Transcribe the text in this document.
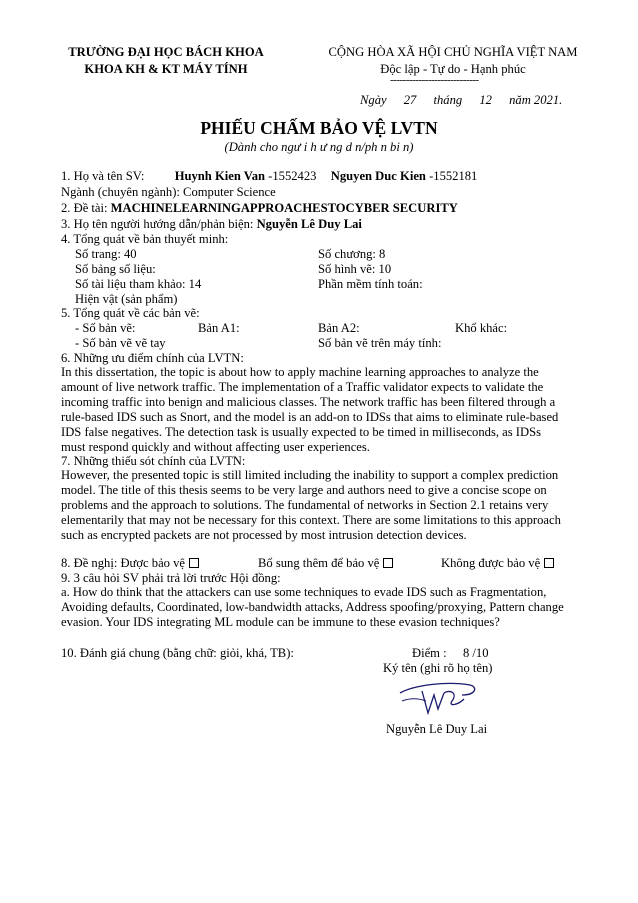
TRƯỜNG ĐẠI HỌC BÁCH KHOA
KHOA KH & KT MÁY TÍNH
CỘNG HÒA XÃ HỘI CHỦ NGHĨA VIỆT NAM
Độc lập - Tự do - Hạnh phúc
----------------------------
Ngày 27 tháng 12 năm 2021.
PHIẾU CHẤM BẢO VỆ LVTN
(Dành cho ngư i h ư ng d n/ph n bi n)
1. Họ và tên SV: Huynh Kien Van -1552423 Nguyen Duc Kien -1552181
Ngành (chuyên ngành): Computer Science
2. Đề tài: MACHINELEARNINGAPPROACHESTOCYBER SECURITY
3. Họ tên người hướng dẫn/phản biện: Nguyễn Lê Duy Lai
4. Tổng quát về bản thuyết minh:
Số trang: 40	Số chương: 8
Số bảng số liệu:	Số hình vẽ: 10
Số tài liệu tham khảo: 14	Phần mềm tính toán:
Hiện vật (sản phẩm)
5. Tổng quát về các bản vẽ:
- Số bản vẽ:	Bản A1:	Bản A2:	Khổ khác:
- Số bản vẽ vẽ tay	Số bản vẽ trên máy tính:
6. Những ưu điểm chính của LVTN:
In this dissertation, the topic is about how to apply machine learning approaches to analyze the
amount of live network traffic. The implementation of a Traffic validator expects to validate the
incoming traffic into benign and malicious classes. The network traffic has been filtered through a
rule-based IDS such as Snort, and the model is an add-on to IDSs that aims to eliminate rule-based
IDS false negatives. The detection task is usually expected to be timed in milliseconds, as IDSs
must respond quickly and without affecting user experiences.
7. Những thiếu sót chính của LVTN:
However, the presented topic is still limited including the inability to support a complex prediction
model. The title of this thesis seems to be very large and authors need to give a concise scope on
problems and the approach to solutions. The fundamental of networks in Section 2.1 retains very
elementarily that may not be necessary for this context. There are some limitations to this approach
such as encrypted packets are not processed by most intrusion detection devices.
8. Đề nghị: Được bảo vệ	Bổ sung thêm để bảo vệ	Không được bảo vệ
9. 3 câu hỏi SV phải trả lời trước Hội đồng:
a. How do think that the attackers can use some techniques to evade IDS such as Fragmentation,
Avoiding defaults, Coordinated, low-bandwidth attacks, Address spoofing/proxying, Pattern change
evasion. Your IDS integrating ML module can be immune to these evasion techniques?
10. Đánh giá chung (bằng chữ: giỏi, khá, TB):	Điểm : 8 /10
Ký tên (ghi rõ họ tên)
Nguyễn Lê Duy Lai
